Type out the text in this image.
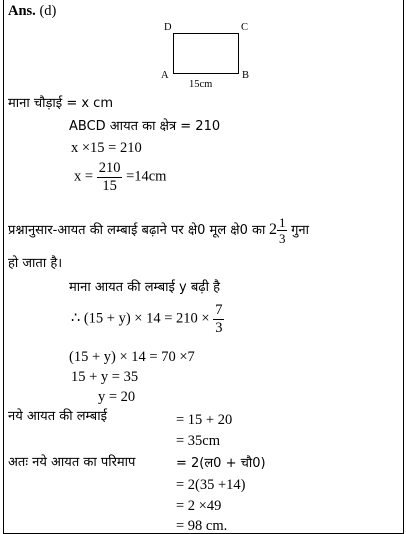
Ans. (d)
D	C
A	B
15cm
माना चौड़ाई = x cm
ABCD आयत का क्षेत्र = 210
x ×15 = 210
$x = \frac{210}{15} =14cm$
प्रश्नानुसार-आयत की लम्बाई बढ़ाने पर क्षे0 मूल क्षे0 का $2 \frac{1}{3}$ गुना
हो जाता है।
माना आयत की लम्बाई y बढ़ी है
∴ $(15 + y) \times 14 = 210 \times \frac{7}{3}$
(15 + y) × 14 = 70 ×7
15 + y = 35
y = 20
नये आयत की लम्बाई	= 15 + 20
= 35cm
अतः नये आयत का परिमाप	= 2(ल0 + चौ0)
= 2(35 +14)
= 2 ×49
= 98 cm.
